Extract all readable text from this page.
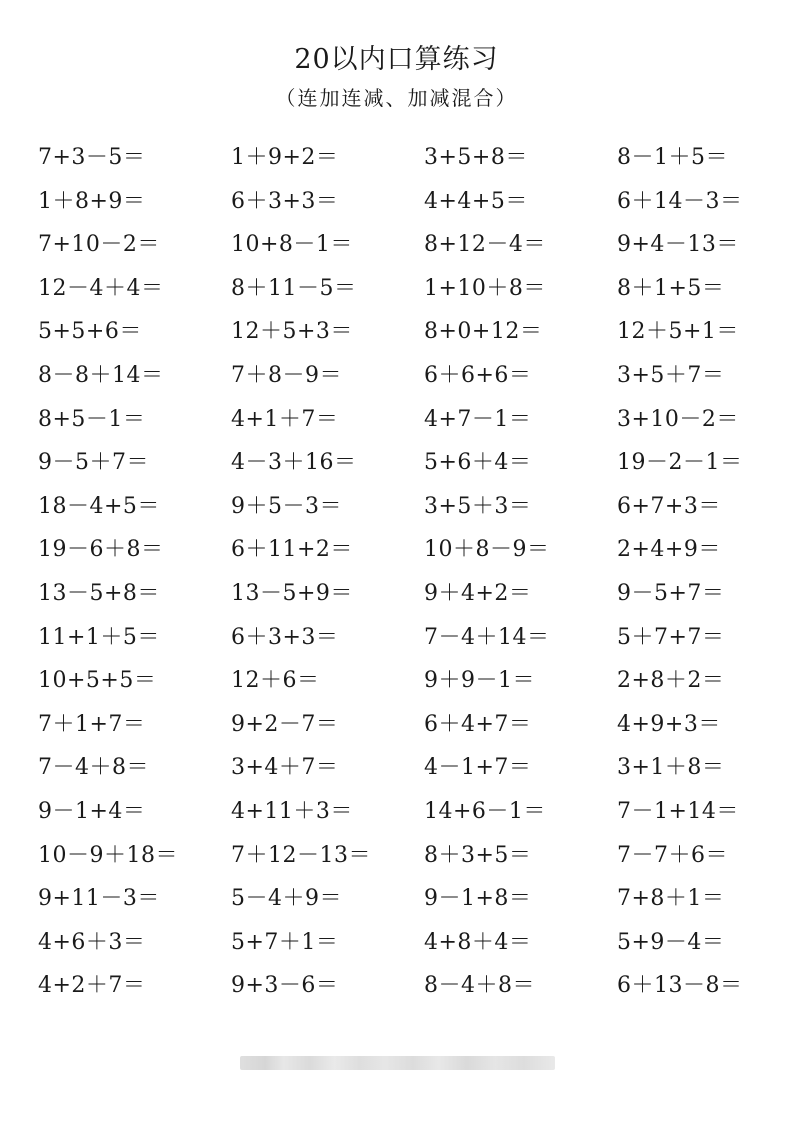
20以内口算练习
（连加连减、加减混合）
7+3－5＝	1＋9+2＝	3+5+8＝	8－1＋5＝
1＋8+9＝	6＋3+3＝	4+4+5＝	6＋14－3＝
7+10－2＝	10+8－1＝	8+12－4＝	9+4－13＝
12－4＋4＝	8＋11－5＝	1+10＋8＝	8＋1+5＝
5+5+6＝	12＋5+3＝	8+0+12＝	12＋5+1＝
8－8＋14＝	7＋8－9＝	6＋6+6＝	3+5＋7＝
8+5－1＝	4+1＋7＝	4+7－1＝	3+10－2＝
9－5＋7＝	4－3＋16＝	5+6＋4＝	19－2－1＝
18－4+5＝	9＋5－3＝	3+5＋3＝	6+7+3＝
19－6＋8＝	6＋11+2＝	10＋8－9＝	2+4+9＝
13－5+8＝	13－5+9＝	9＋4+2＝	9－5+7＝
11+1＋5＝	6＋3+3＝	7－4＋14＝	5＋7+7＝
10+5+5＝	12＋6＝	9＋9－1＝	2+8＋2＝
7＋1+7＝	9+2－7＝	6＋4+7＝	4+9+3＝
7－4＋8＝	3+4＋7＝	4－1+7＝	3+1＋8＝
9－1+4＝	4+11＋3＝	14+6－1＝	7－1+14＝
10－9＋18＝	7＋12－13＝	8＋3+5＝	7－7＋6＝
9+11－3＝	5－4＋9＝	9－1+8＝	7+8＋1＝
4+6＋3＝	5+7＋1＝	4+8＋4＝	5+9－4＝
4+2＋7＝	9+3－6＝	8－4＋8＝	6＋13－8＝
